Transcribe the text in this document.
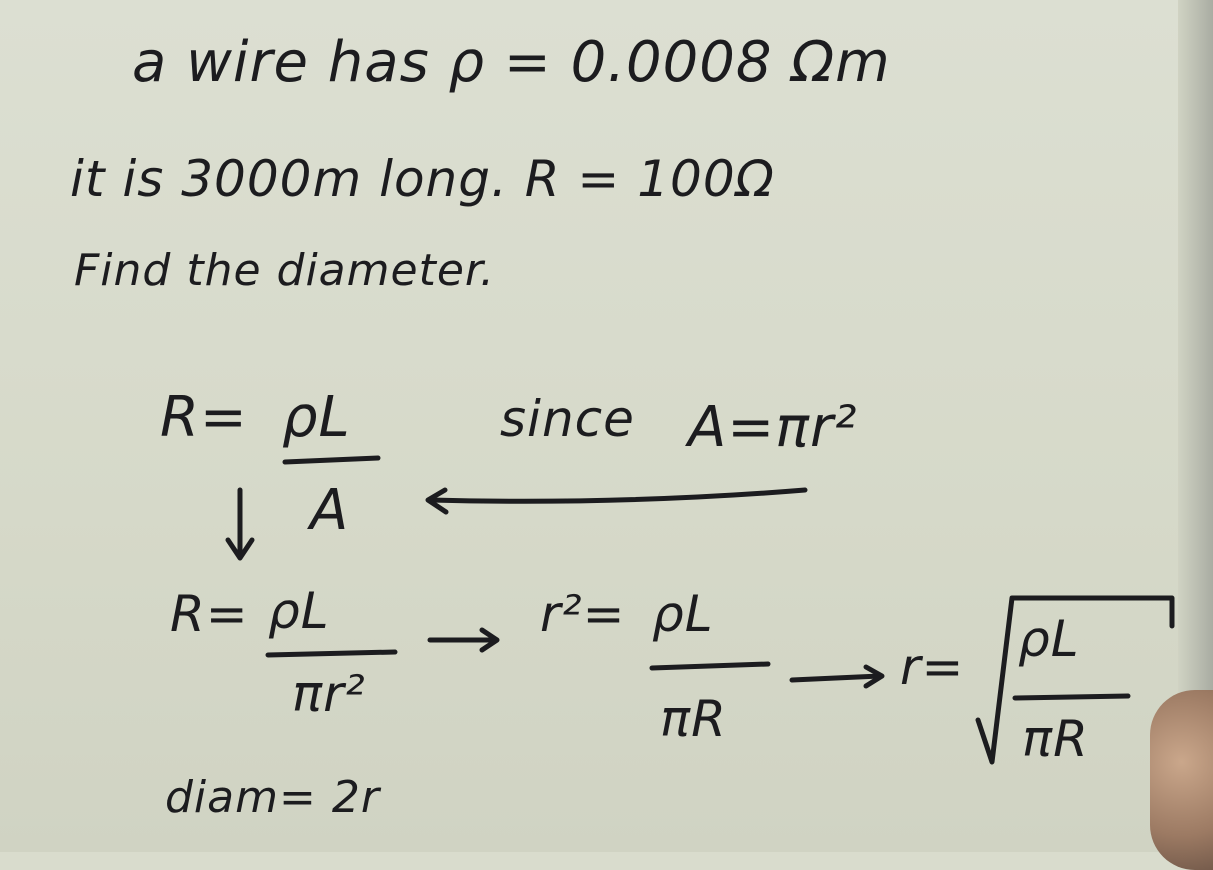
a wire has ρ = 0.0008 Ωm
it is 3000m long. R = 100Ω
Find the diameter.
R= ρL
A
since A=πr²
R= ρL
πr²
r²= ρL
πR
r= ρL
πR
diam= 2r
